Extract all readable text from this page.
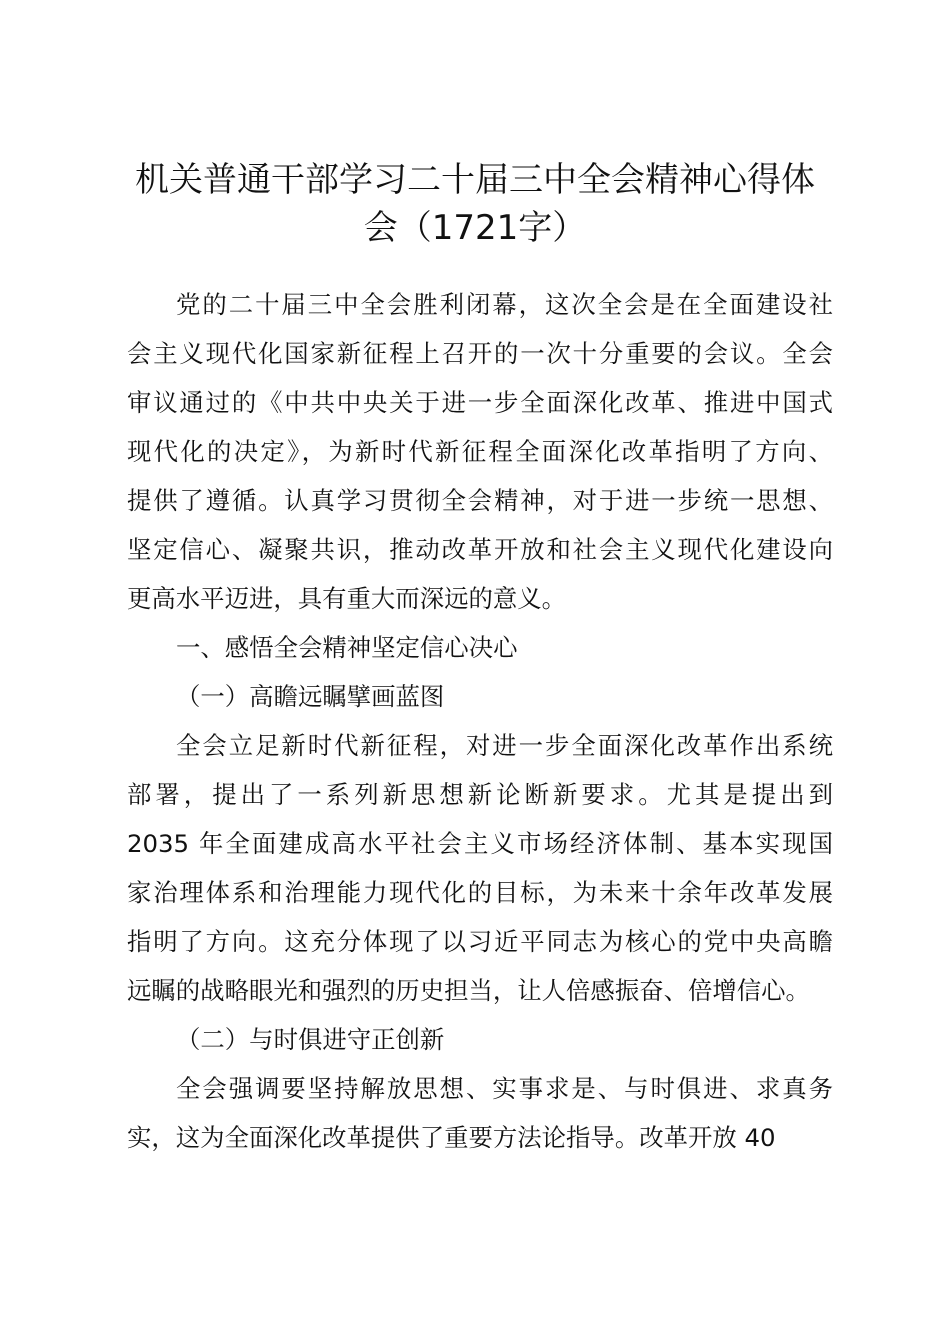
机关普通干部学习二十届三中全会精神心得体
会（1721字）
党的二十届三中全会胜利闭幕，这次全会是在全面建设社
会主义现代化国家新征程上召开的一次十分重要的会议。全会
审议通过的《中共中央关于进一步全面深化改革、推进中国式
现代化的决定》，为新时代新征程全面深化改革指明了方向、
提供了遵循。认真学习贯彻全会精神，对于进一步统一思想、
坚定信心、凝聚共识，推动改革开放和社会主义现代化建设向
更高水平迈进，具有重大而深远的意义。
一、感悟全会精神坚定信心决心
（一）高瞻远瞩擘画蓝图
全会立足新时代新征程，对进一步全面深化改革作出系统
部署，提出了一系列新思想新论断新要求。尤其是提出到
2035 年全面建成高水平社会主义市场经济体制、基本实现国
家治理体系和治理能力现代化的目标，为未来十余年改革发展
指明了方向。这充分体现了以习近平同志为核心的党中央高瞻
远瞩的战略眼光和强烈的历史担当，让人倍感振奋、倍增信心。
（二）与时俱进守正创新
全会强调要坚持解放思想、实事求是、与时俱进、求真务
实，这为全面深化改革提供了重要方法论指导。改革开放 40
